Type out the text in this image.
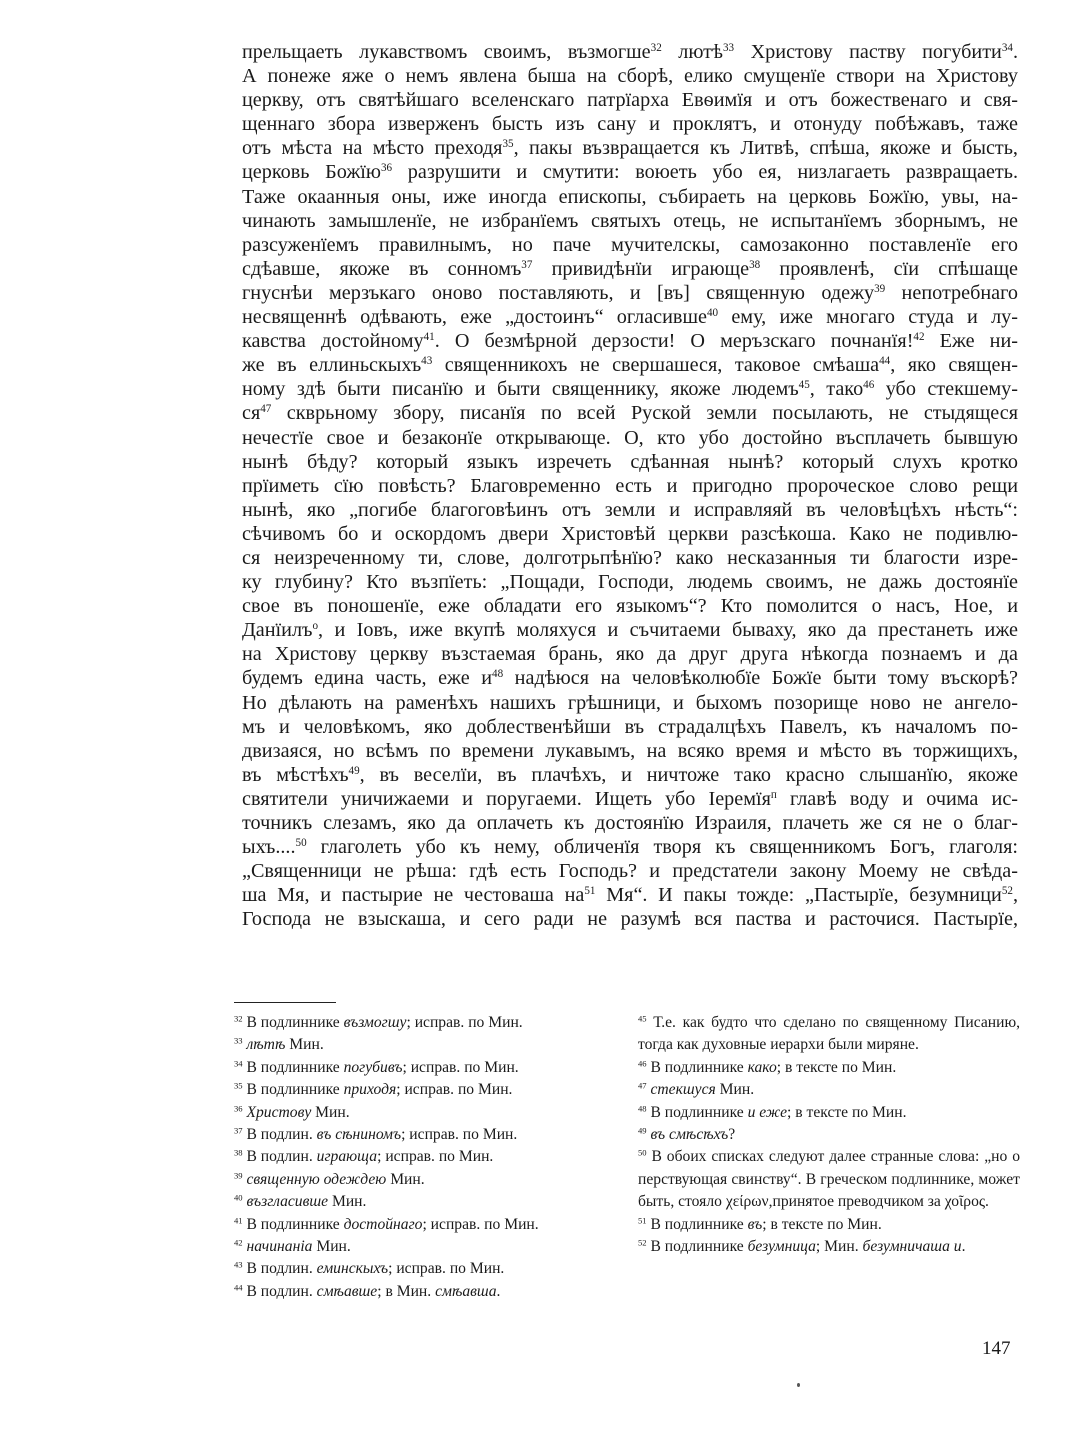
прельщаеть лукавствомъ своимъ, възмогше$^{32}$ лютѣ$^{33}$ Христову паству погубити$^{34}$.
А понеже яже о немъ явлена быша на сборѣ, елико смущенїе створи на Христову
церкву, отъ святѣйшаго вселенскаго патрїарха Евѳимїя и отъ божественаго и свя-
щеннаго збора изверженъ бысть изъ сану и проклятъ, и отонуду побѣжавъ, таже
отъ мѣста на мѣсто преходя$^{35}$, пакы възвращается къ Литвѣ, спѣша, якоже и бысть,
церковь Божїю$^{36}$ разрушити и смутити: воюеть убо ея, низлагаеть развращаеть.
Таже окаанныя оны, иже иногда епископы, събираеть на церковь Божїю, увы, на-
чинають замышленїе, не избранїемъ святыхъ отець, не испытанїемъ зборнымъ, не
разсуженїемъ правилнымъ, но паче мучителскы, самозаконно поставленїе его
сдѣавше, якоже въ сонномъ$^{37}$ привидѣнїи играюще$^{38}$ проявленѣ, сїи спѣшаще
гнуснѣи мерзъкаго оново поставляють, и [въ] священную одежу$^{39}$ непотребнаго
несвященнѣ одѣвають, еже „достоинъ“ огласивше$^{40}$ ему, иже многаго студа и лу-
кавства достойному$^{41}$. О безмѣрной дерзости! О меръзскаго почнанїя!$^{42}$ Еже ни-
же въ еллиньскыхъ$^{43}$ священникохъ не свершашеся, таковое смѣаша$^{44}$, яко священ-
ному здѣ быти писанїю и быти священнику, якоже людемъ$^{45}$, тако$^{46}$ убо стекшему-
$ся^{47}$ скврьному збору, писанїя по всей Руской земли посылають, не стыдящеся
нечестїе свое и безаконїе открывающе. О, кто убо достойно въсплачеть бывшую
нынѣ бѣду? который языкъ изречеть сдѣанная нынѣ? который слухъ кротко
прїиметь сїю повѣсть? Благовременно есть и пригодно пророческое слово рещи
нынѣ, яко „погибе благоговѣинъ отъ земли и исправляяй въ человѣцѣхъ нѣсть“:
сѣчивомъ бо и оскордомъ двери Христовѣй церкви разсѣкоша. Како не подивлю-
ся неизреченному ти, слове, долготрьпѣнїю? како несказанныя ти благости изре-
ку глубину? Кто възпїеть: „Пощади, Господи, людемь своимъ, не дажь достоянїе
свое въ поношенїе, еже обладати его языкомъ“? Кто помолится о насъ, Ное, и
Данїилъ$^o$, и Іовъ, иже вкупѣ моляхуся и съчитаеми бываху, яко да престанеть иже
на Христову церкву възстаемая брань, яко да друг друга нѣкогда познаемъ и да
будемъ едина часть, еже $и^{48}$ надѣюся на человѣколюбїе Божїе быти тому въскорѣ?
Но дѣлають на раменѣхъ нашихъ грѣшници, и быхомъ позорище ново не ангело-
мъ и человѣкомъ, яко доблественѣйши въ страдалцѣхъ Павелъ, къ началомъ по-
двизаяся, но всѣмъ по времени лукавымъ, на всяко время и мѣсто въ торжищихъ,
въ мѣстѣхъ$^{49}$, въ веселїи, въ плачѣхъ, и ничтоже тако красно слышанїю, якоже
святители уничижаеми и поругаеми. Ищеть убо Іеремїя$^п$ главѣ воду и очима ис-
точникъ слезамъ, яко да оплачеть къ достоянїю Израиля, плачеть же ся не о благ-
ыхъ....$^{50}$ глаголеть убо къ нему, обличенїя творя къ священникомъ Богъ, глаголя:
„Священници не рѣша: гдѣ есть Господь? и предстатели закону Моему не свѣда-
ша Мя, и пастырие не честоваша $на^{51}$ Мя“. И пакы тожде: „Пастырїе, безумници$^{52}$,
Господа не взыскаша, и сего ради не разумѣ вся паства и расточися. Пастырїе,
$^{32}$ В подлиннике възмогшу; исправ. по Мин.
$^{33}$ лѣтѣ Мин.
$^{34}$ В подлиннике погубивъ; исправ. по Мин.
$^{35}$ В подлиннике приходя; исправ. по Мин.
$^{36}$ Христову Мин.
$^{37}$ В подлин. въ сѣниномъ; исправ. по Мин.
$^{38}$ В подлин. играюща; исправ. по Мин.
$^{39}$ священную одеждею Мин.
$^{40}$ възгласивше Мин.
$^{41}$ В подлиннике достойнаго; исправ. по Мин.
$^{42}$ начинанiа Мин.
$^{43}$ В подлин. еминскыхъ; исправ. по Мин.
$^{44}$ В подлин. смѣавше; в Мин. смѣавша.
$^{45}$ Т.е. как будто что сделано по священному Писанию, тогда как духовные иерархи были миряне.
$^{46}$ В подлиннике како; в тексте по Мин.
$^{47}$ стекшуся Мин.
$^{48}$ В подлиннике и еже; в тексте по Мин.
$^{49}$ въ смѣсѣхъ?
$^{50}$ В обоих списках следуют далее странные слова: „но о перствующая свинству“. В греческом подлиннике, может быть, стояло χείρων,принятое преводчиком за χοῖρος.
$^{51}$ В подлиннике въ; в тексте по Мин.
$^{52}$ В подлиннике безумница; Мин. безумничаша и.
147
